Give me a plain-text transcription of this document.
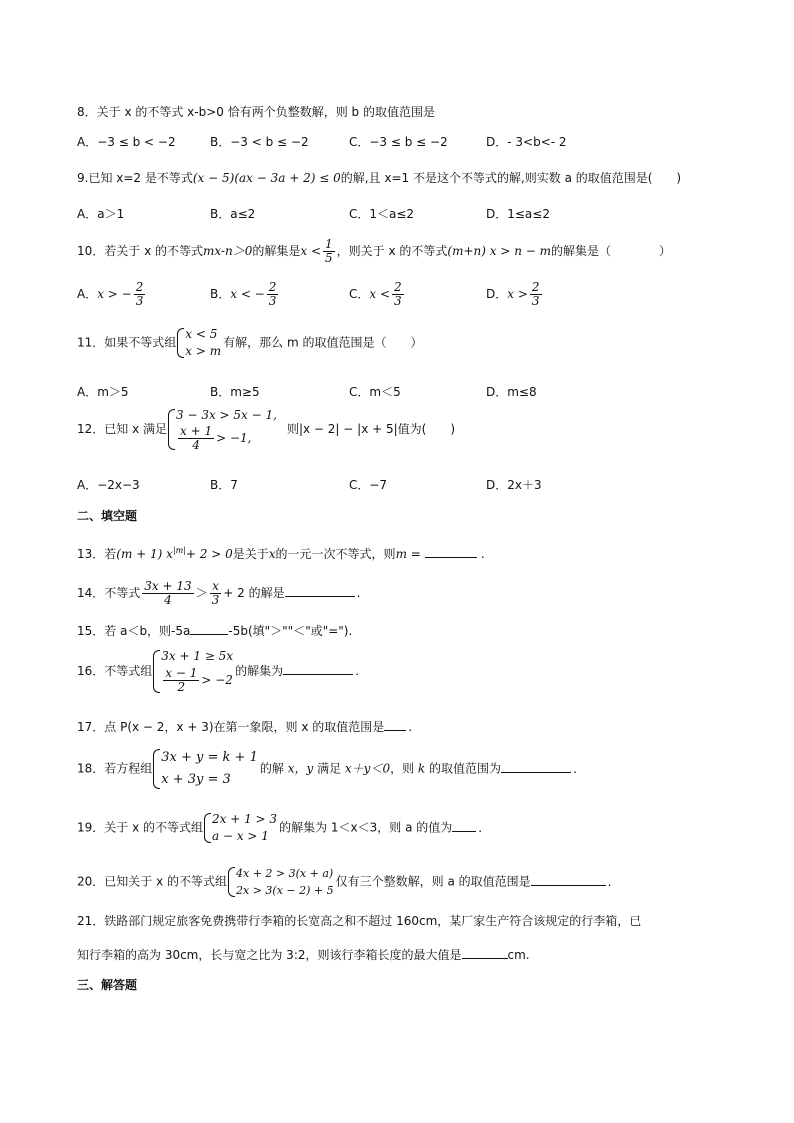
8．关于 x 的不等式 x-b>0 恰有两个负整数解，则 b 的取值范围是
A．−3 ≤ b < −2	B．−3 < b ≤ −2	C．−3 ≤ b ≤ −2	D．- 3<b<- 2
9.已知 x=2 是不等式(x − 5)(ax − 3a + 2) ≤ 0的解,且 x=1 不是这个不等式的解,则实数 a 的取值范围是(　　)
A．a＞1	B．a≤2	C．1＜a≤2	D．1≤a≤2
10．若关于 x 的不等式mx-n＞0的解集是$x < \frac{1}{5}$ ，则关于 x 的不等式(m+n) x > n − m的解集是（　　　　）
A．x > − $\frac{2}{3}$	B．x < − $\frac{2}{3}$	C．$x < \frac{2}{3}$	D．$x > \frac{2}{3}$
11．如果不等式组
x < 5
x > m
有解，那么 m 的取值范围是（　　）
A．m＞5	B．m≥5	C．m＜5	D．m≤8
12．已知 x 满足
3 − 3x > 5x − 1,
$\frac{x + 1}{4} > -1$,
则|x − 2| − |x + 5|值为(　　)
A．−2x−3	B．7	C．−7	D．2x＋3
二、填空题
13．若(m + 1) $x^{|m|}+ 2 > 0$是关于x的一元一次不等式，则m =	.
14．不等式 $\frac{3x + 13}{4} > \frac{x}{3} + 2$ 的解是	.
15．若 a＜b，则-5a	-5b(填"＞""＜"或"=").
16．不等式组
3x + 1 ≥ 5x
$\frac{x - 1}{2} > -2$
的解集为	.
17．点 P(x − 2，x + 3)在第一象限，则 x 的取值范围是 .
18．若方程组
3x + y = k + 1
x + 3y = 3
的解 x，y 满足 x＋y＜0，则 k 的取值范围为	.
19．关于 x 的不等式组
2x + 1 > 3
a − x > 1
的解集为 1＜x＜3，则 a 的值为 .
20．已知关于 x 的不等式组
4x + 2 > 3(x + a)
2x > 3(x − 2) + 5
仅有三个整数解，则 a 的取值范围是	.
21．铁路部门规定旅客免费携带行李箱的长宽高之和不超过 160cm，某厂家生产符合该规定的行李箱，已
知行李箱的高为 30cm，长与宽之比为 3:2，则该行李箱长度的最大值是	cm.
三、解答题
